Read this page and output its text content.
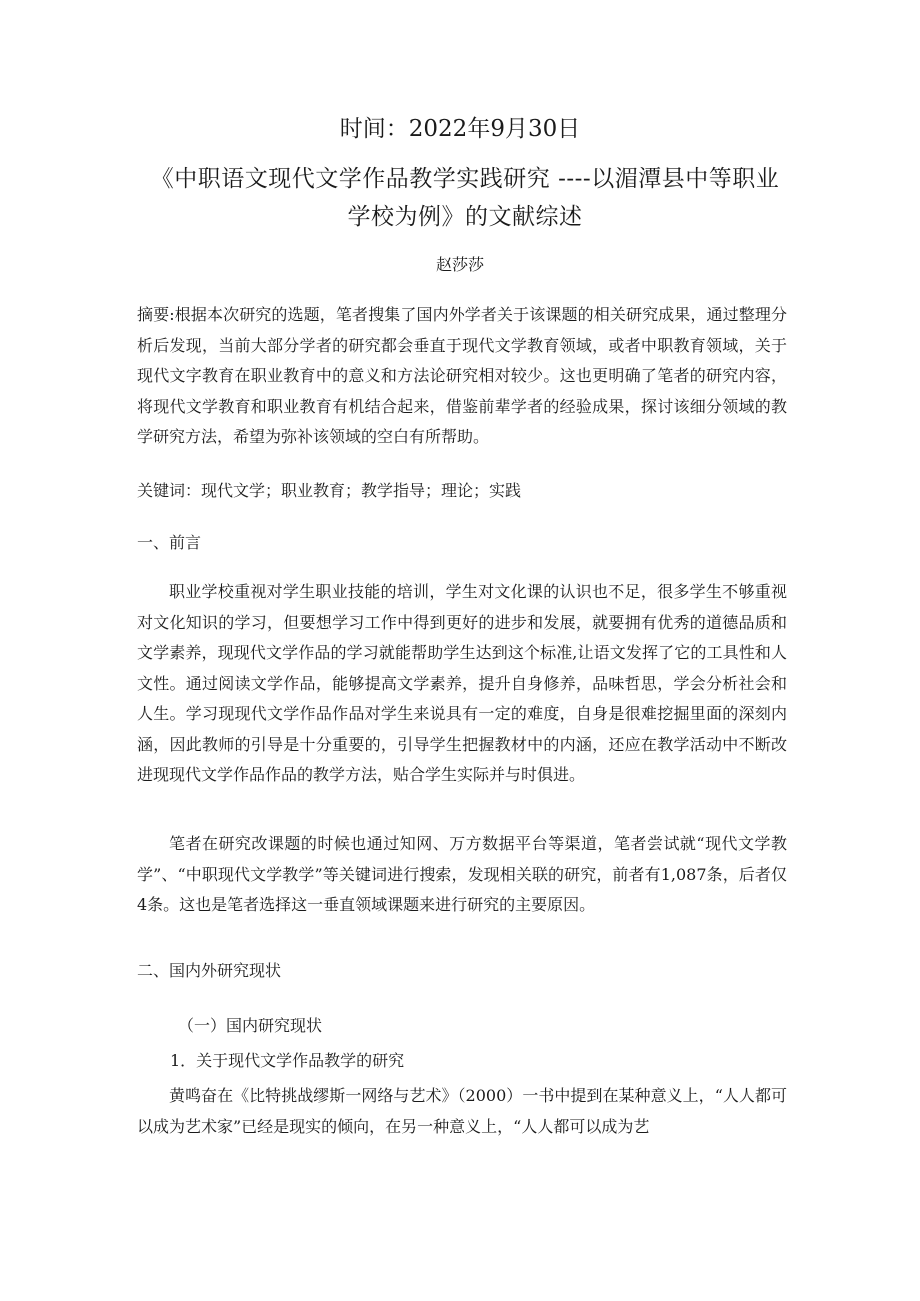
时间：2022年9月30日
《中职语文现代文学作品教学实践研究 ----以湄潭县中等职业学校为例》的文献综述
赵莎莎

摘要:根据本次研究的选题，笔者搜集了国内外学者关于该课题的相关研究成果，通过整理分析后发现，当前大部分学者的研究都会垂直于现代文学教育领域，或者中职教育领域，关于现代文字教育在职业教育中的意义和方法论研究相对较少。这也更明确了笔者的研究内容，将现代文学教育和职业教育有机结合起来，借鉴前辈学者的经验成果，探讨该细分领域的教学研究方法，希望为弥补该领域的空白有所帮助。

关键词：现代文学；职业教育；教学指导；理论；实践

一、前言

职业学校重视对学生职业技能的培训，学生对文化课的认识也不足，很多学生不够重视对文化知识的学习，但要想学习工作中得到更好的进步和发展，就要拥有优秀的道德品质和文学素养，现现代文学作品的学习就能帮助学生达到这个标准,让语文发挥了它的工具性和人文性。通过阅读文学作品，能够提高文学素养，提升自身修养，品味哲思，学会分析社会和人生。学习现现代文学作品作品对学生来说具有一定的难度，自身是很难挖掘里面的深刻内涵，因此教师的引导是十分重要的，引导学生把握教材中的内涵，还应在教学活动中不断改进现现代文学作品作品的教学方法，贴合学生实际并与时俱进。

笔者在研究改课题的时候也通过知网、万方数据平台等渠道，笔者尝试就“现代文学教学”、“中职现代文学教学”等关键词进行搜索，发现相关联的研究，前者有1,087条，后者仅4条。这也是笔者选择这一垂直领域课题来进行研究的主要原因。

二、国内外研究现状

（一）国内研究现状

1．关于现代文学作品教学的研究

黄鸣奋在《比特挑战缪斯一网络与艺术》（2000）一书中提到在某种意义上，“人人都可以成为艺术家”已经是现实的倾向，在另一种意义上，“人人都可以成为艺
